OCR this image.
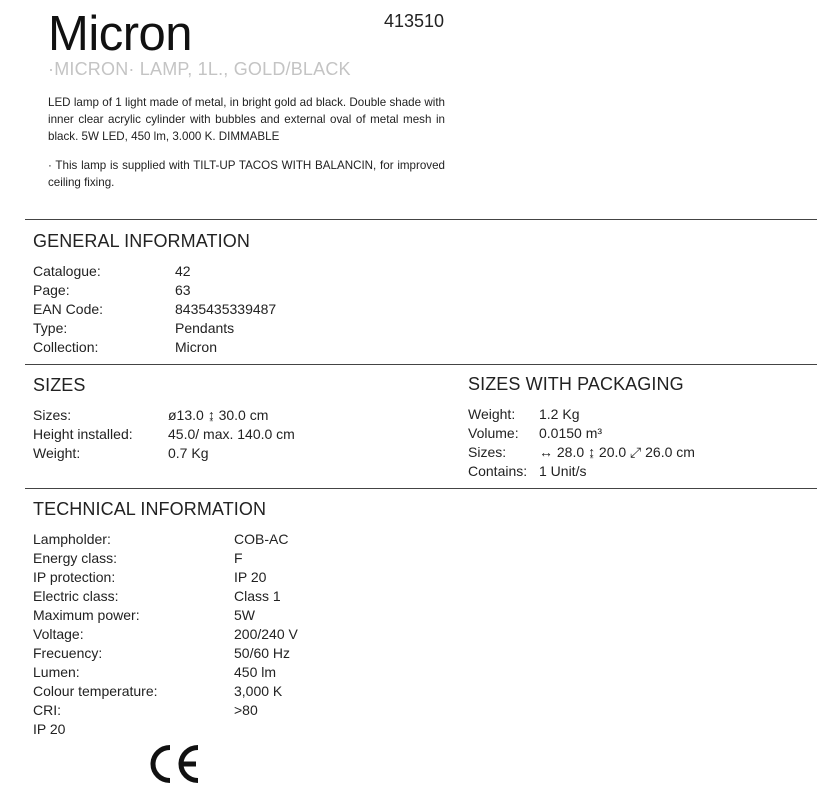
Micron	413510
·MICRON· LAMP, 1L., GOLD/BLACK
LED lamp of 1 light made of metal, in bright gold ad black. Double shade with inner clear acrylic cylinder with bubbles and external oval of metal mesh in black. 5W LED, 450 lm, 3.000 K. DIMMABLE
· This lamp is supplied with TILT-UP TACOS WITH BALANCIN, for improved ceiling fixing.
GENERAL INFORMATION
Catalogue:	42
Page:	63
EAN Code:	8435435339487
Type:	Pendants
Collection:	Micron
SIZES
Sizes:	ø13.0 ↨ 30.0 cm
Height installed:	45.0/ max. 140.0 cm
Weight:	0.7 Kg
SIZES WITH PACKAGING
Weight: 1.2 Kg
Volume: 0.0150 m³
Sizes: ↔ 28.0 ↨ 20.0 ⤢ 26.0 cm
Contains: 1 Unit/s
TECHNICAL INFORMATION
Lampholder:	COB-AC
Energy class:	F
IP protection:	IP 20
Electric class:	Class 1
Maximum power:	5W
Voltage:	200/240 V
Frecuency:	50/60 Hz
Lumen:	450 lm
Colour temperature:	3,000 K
CRI:	>80
IP 20
